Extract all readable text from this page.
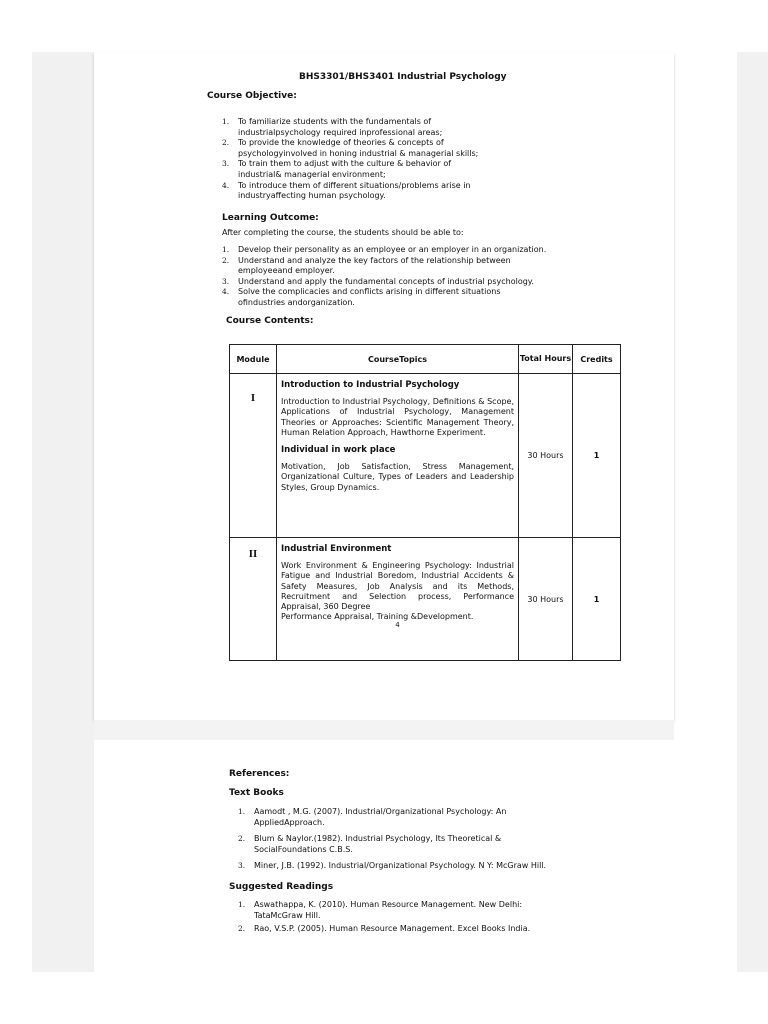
BHS3301/BHS3401 Industrial Psychology
Course Objective:
1. To familiarize students with the fundamentals of
industrialpsychology required inprofessional areas;
2. To provide the knowledge of theories & concepts of
psychologyinvolved in honing industrial & managerial skills;
3. To train them to adjust with the culture & behavior of
industrial& managerial environment;
4. To introduce them of different situations/problems arise in
industryaffecting human psychology.
Learning Outcome:
After completing the course, the students should be able to:
1. Develop their personality as an employee or an employer in an organization.
2. Understand and analyze the key factors of the relationship between
employeeand employer.
3. Understand and apply the fundamental concepts of industrial psychology.
4. Solve the complicacies and conflicts arising in different situations
ofindustries andorganization.
Course Contents:
Module	CourseTopics	Total Hours	Credits
I	Introduction to Industrial Psychology

Introduction to Industrial Psychology, Definitions & Scope, Applications of Industrial Psychology, Management Theories or Approaches: Scientific Management Theory, Human Relation Approach, Hawthorne Experiment.

Individual in work place

Motivation, Job Satisfaction, Stress Management, Organizational Culture, Types of Leaders and Leadership Styles, Group Dynamics.	30 Hours	1
II	Industrial Environment

Work Environment & Engineering Psychology: Industrial Fatigue and Industrial Boredom, Industrial Accidents & Safety Measures, Job Analysis and its Methods, Recruitment and Selection process, Performance Appraisal, 360 Degree

Performance Appraisal, Training &Development.
4	30 Hours	1
References:
Text Books
1. Aamodt , M.G. (2007). Industrial/Organizational Psychology: An
AppliedApproach.
2. Blum & Naylor.(1982). Industrial Psychology, Its Theoretical &
SocialFoundations C.B.S.
3. Miner, J.B. (1992). Industrial/Organizational Psychology. N Y: McGraw Hill.
Suggested Readings
1. Aswathappa, K. (2010). Human Resource Management. New Delhi:
TataMcGraw Hill.
2. Rao, V.S.P. (2005). Human Resource Management. Excel Books India.
